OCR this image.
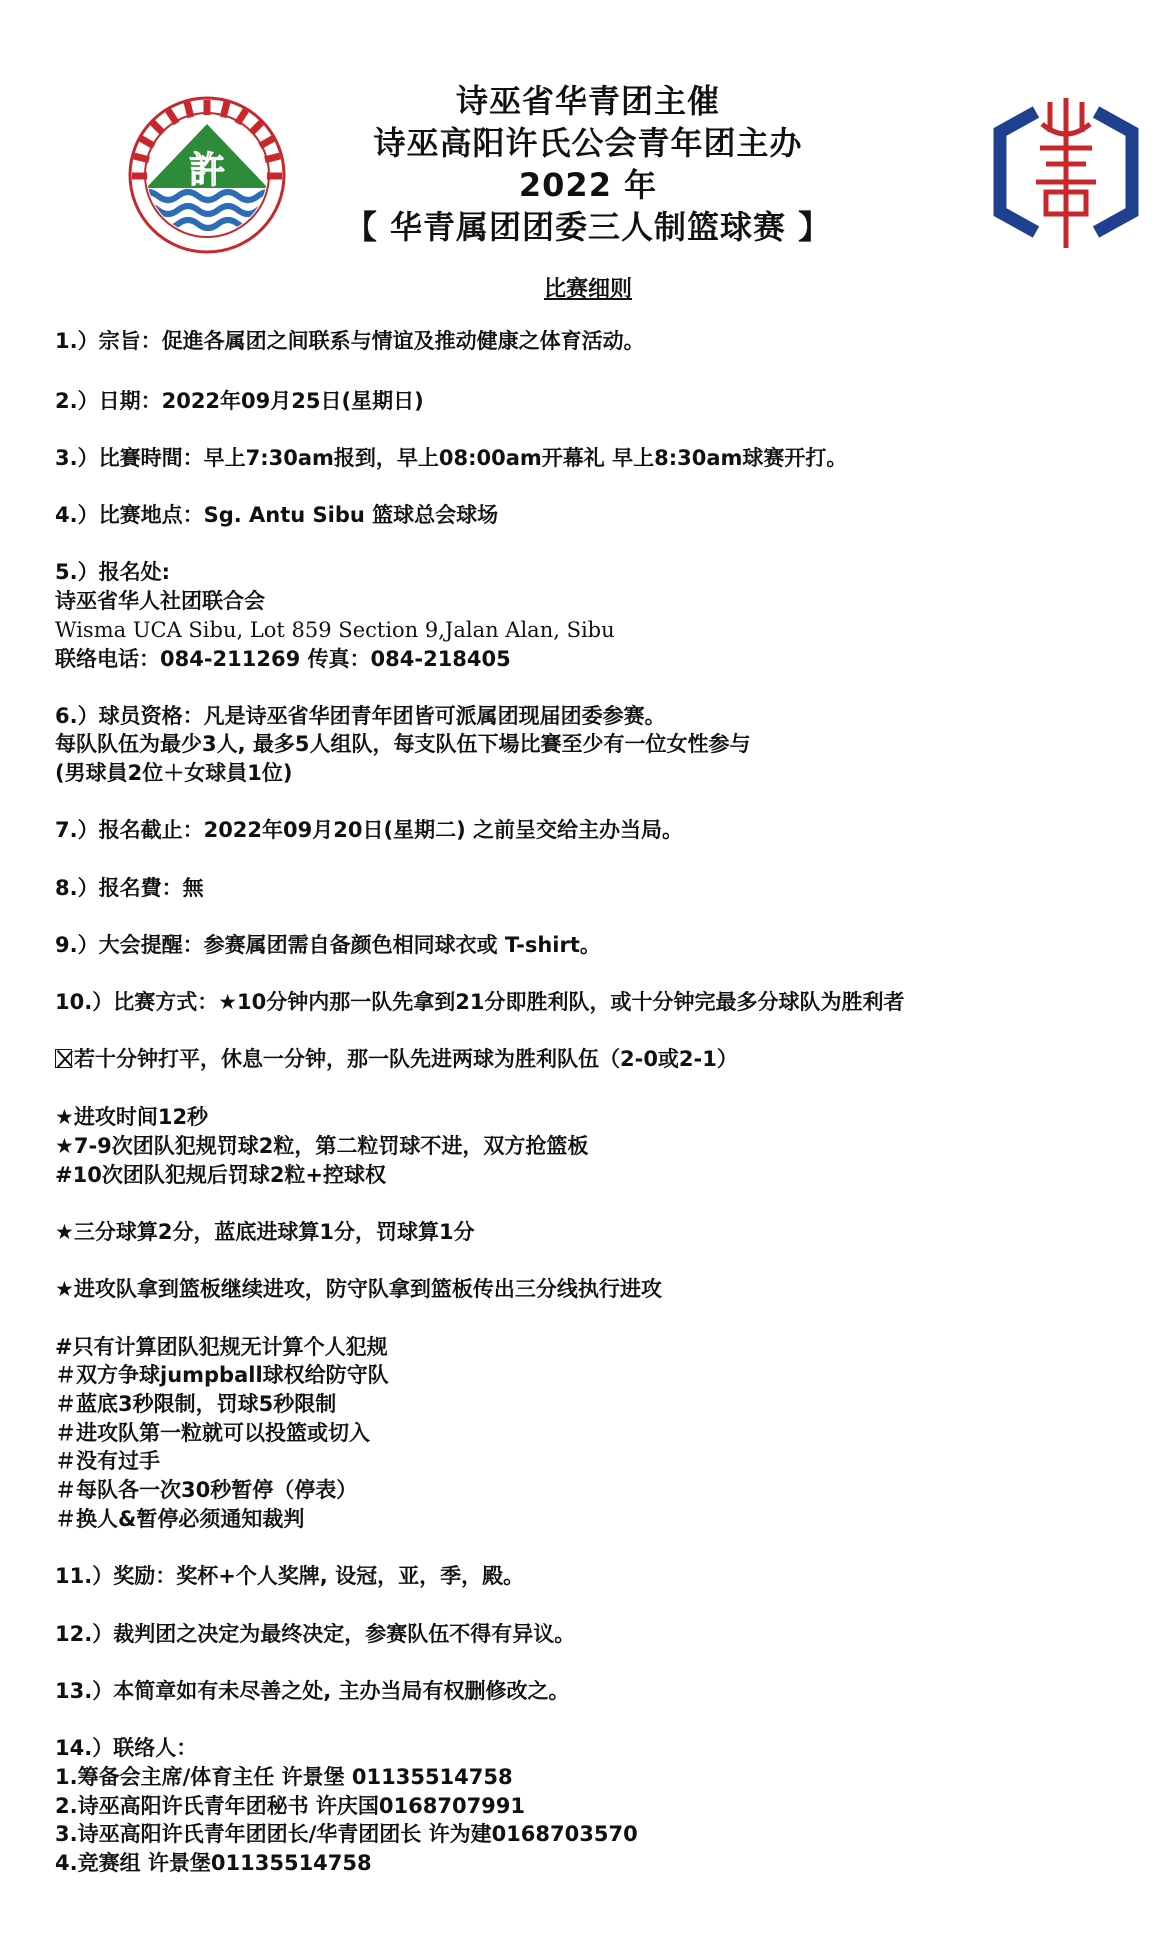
許
诗巫省华青团主催
诗巫高阳许氏公会青年团主办
2022 年
【 华青属团团委三人制篮球赛 】
比赛细则
1.）宗旨：促進各属团之间联系与情谊及推动健康之体育活动。
2.）日期：2022年09月25日(星期日)
3.）比賽時間：早上7:30am报到，早上08:00am开幕礼 早上8:30am球赛开打。
4.）比赛地点：Sg. Antu Sibu 篮球总会球场
5.）报名处:
诗巫省华人社团联合会
Wisma UCA Sibu, Lot 859 Section 9,Jalan Alan, Sibu
联络电话：084-211269 传真：084-218405
6.）球员资格：凡是诗巫省华团青年团皆可派属团现届团委参赛。
每队队伍为最少3人, 最多5人组队，每支队伍下場比賽至少有一位女性参与
(男球員2位＋女球員1位)
7.）报名截止：2022年09月20日(星期二) 之前呈交给主办当局。
8.）报名費：無
9.）大会提醒：参赛属团需自备颜色相同球衣或 T-shirt。
10.）比赛方式：★10分钟内那一队先拿到21分即胜利队，或十分钟完最多分球队为胜利者
若十分钟打平，休息一分钟，那一队先进两球为胜利队伍（2-0或2-1）
★进攻时间12秒
★7-9次团队犯规罚球2粒，第二粒罚球不进，双方抢篮板
#10次团队犯规后罚球2粒+控球权
★三分球算2分，蓝底进球算1分，罚球算1分
★进攻队拿到篮板继续进攻，防守队拿到篮板传出三分线执行进攻
#只有计算团队犯规无计算个人犯规
＃双方争球jumpball球权给防守队
＃蓝底3秒限制，罚球5秒限制
＃进攻队第一粒就可以投篮或切入
＃没有过手
＃每队各一次30秒暂停（停表）
＃换人&暂停必须通知裁判
11.）奖励：奖杯+个人奖牌, 设冠，亚，季，殿。
12.）裁判团之决定为最终决定，参赛队伍不得有异议。
13.）本简章如有未尽善之处, 主办当局有权删修改之。
14.）联络人：
1.筹备会主席/体育主任 许景堡 01135514758
2.诗巫高阳许氏青年团秘书 许庆国0168707991
3.诗巫高阳许氏青年团团长/华青团团长 许为建0168703570
4.竞赛组 许景堡01135514758
